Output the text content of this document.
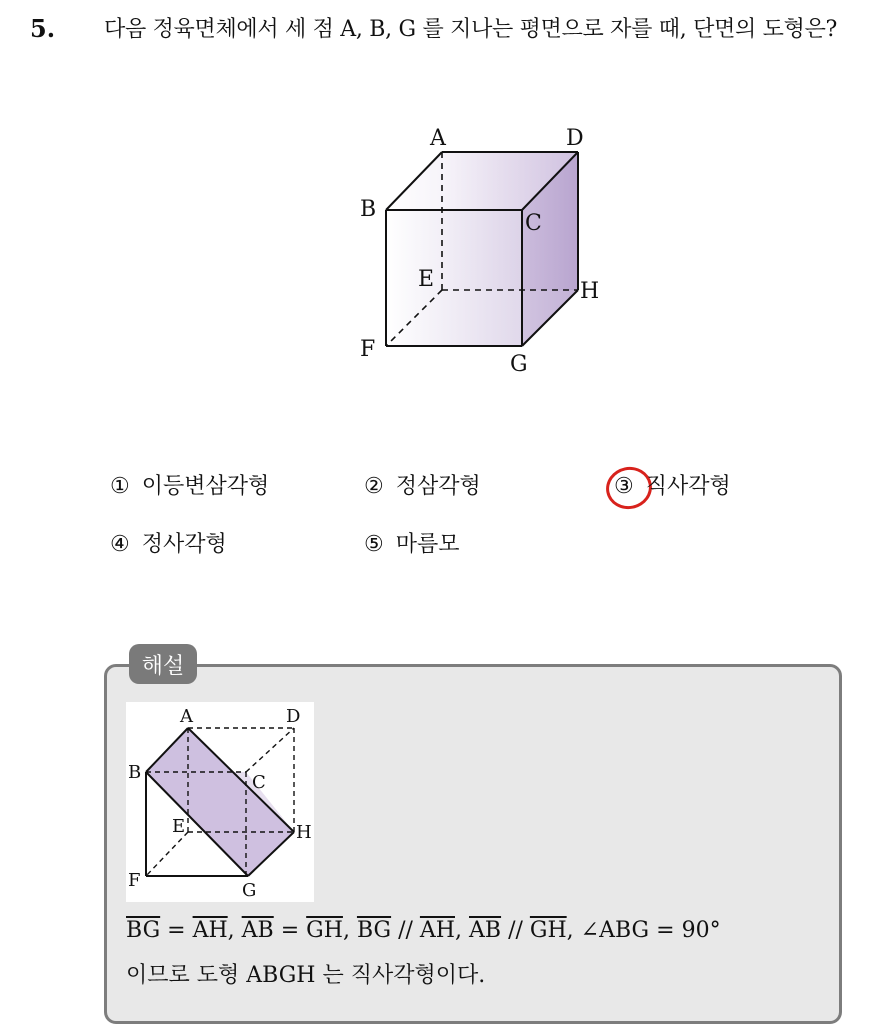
5. 다음 정육면체에서 세 점 A, B, G 를 지나는 평면으로 자를 때, 단면의 도형은?
A	D
B
C
E	H
F
G
① 이등변삼각형	② 정삼각형	③ 직사각형
④ 정사각형	⑤ 마름모
해설
A	D
B	C
E	H
F	G
$\overline{BG} = \overline{AH}$, $\overline{AB} = \overline{GH}$, $\overline{BG} // \overline{AH}$, $\overline{AB} // \overline{GH}$, ∠ABG = 90°
이므로 도형 ABGH 는 직사각형이다.
